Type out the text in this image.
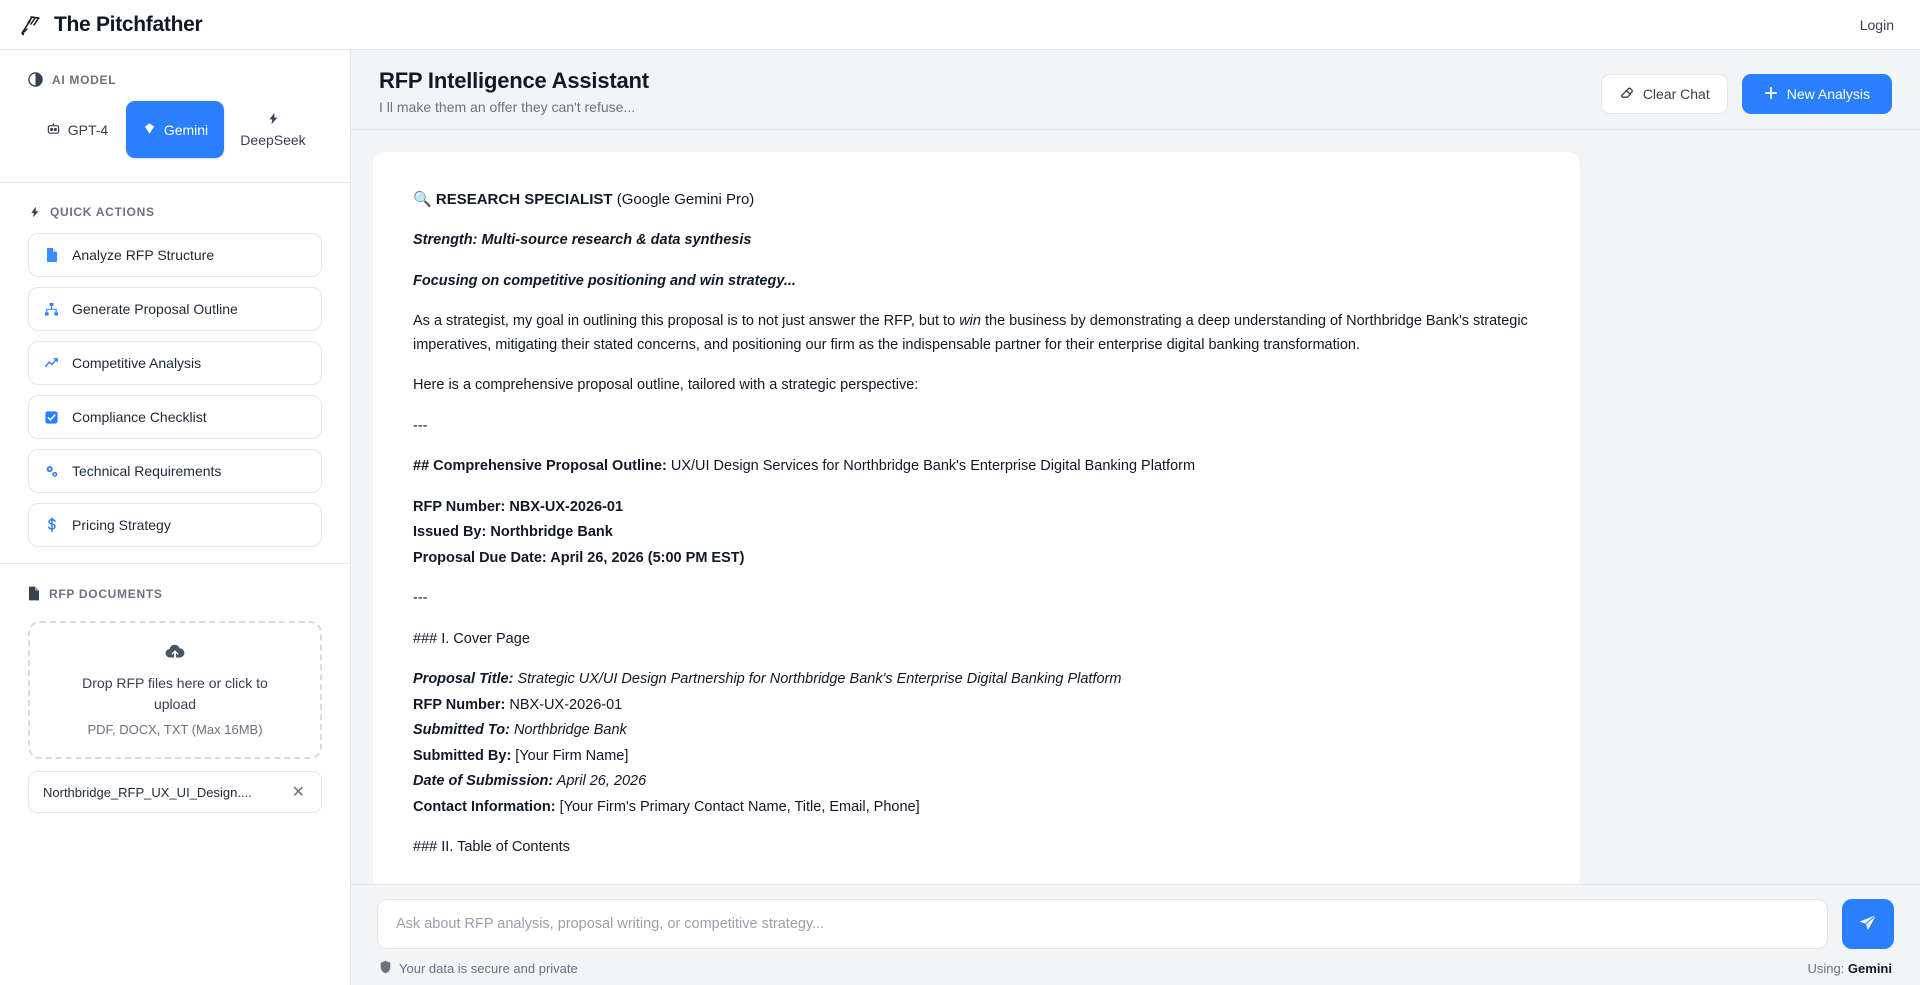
The Pitchfather	Login
AI MODEL
GPT-4	Gemini
DeepSeek
QUICK ACTIONS
Analyze RFP Structure
Generate Proposal Outline
Competitive Analysis
Compliance Checklist
Technical Requirements
Pricing Strategy
RFP DOCUMENTS
Drop RFP files here or click to upload
PDF, DOCX, TXT (Max 16MB)
Northbridge_RFP_UX_UI_Design.... ✕
RFP Intelligence Assistant
I ll make them an offer they can't refuse...
Clear Chat	New Analysis

🔍 RESEARCH SPECIALIST (Google Gemini Pro)

Strength: Multi-source research & data synthesis

Focusing on competitive positioning and win strategy...

As a strategist, my goal in outlining this proposal is to not just answer the RFP, but to win the business by demonstrating a deep understanding of Northbridge Bank's strategic imperatives, mitigating their stated concerns, and positioning our firm as the indispensable partner for their enterprise digital banking transformation.

Here is a comprehensive proposal outline, tailored with a strategic perspective:

---

## Comprehensive Proposal Outline: UX/UI Design Services for Northbridge Bank's Enterprise Digital Banking Platform

RFP Number: NBX-UX-2026-01

Issued By: Northbridge Bank

Proposal Due Date: April 26, 2026 (5:00 PM EST)

---

### I. Cover Page

Proposal Title: Strategic UX/UI Design Partnership for Northbridge Bank's Enterprise Digital Banking Platform

RFP Number: NBX-UX-2026-01

Submitted To: Northbridge Bank

Submitted By: [Your Firm Name]

Date of Submission: April 26, 2026

Contact Information: [Your Firm's Primary Contact Name, Title, Email, Phone]

### II. Table of Contents

Ask about RFP analysis, proposal writing, or competitive strategy...
Your data is secure and private	Using: Gemini
